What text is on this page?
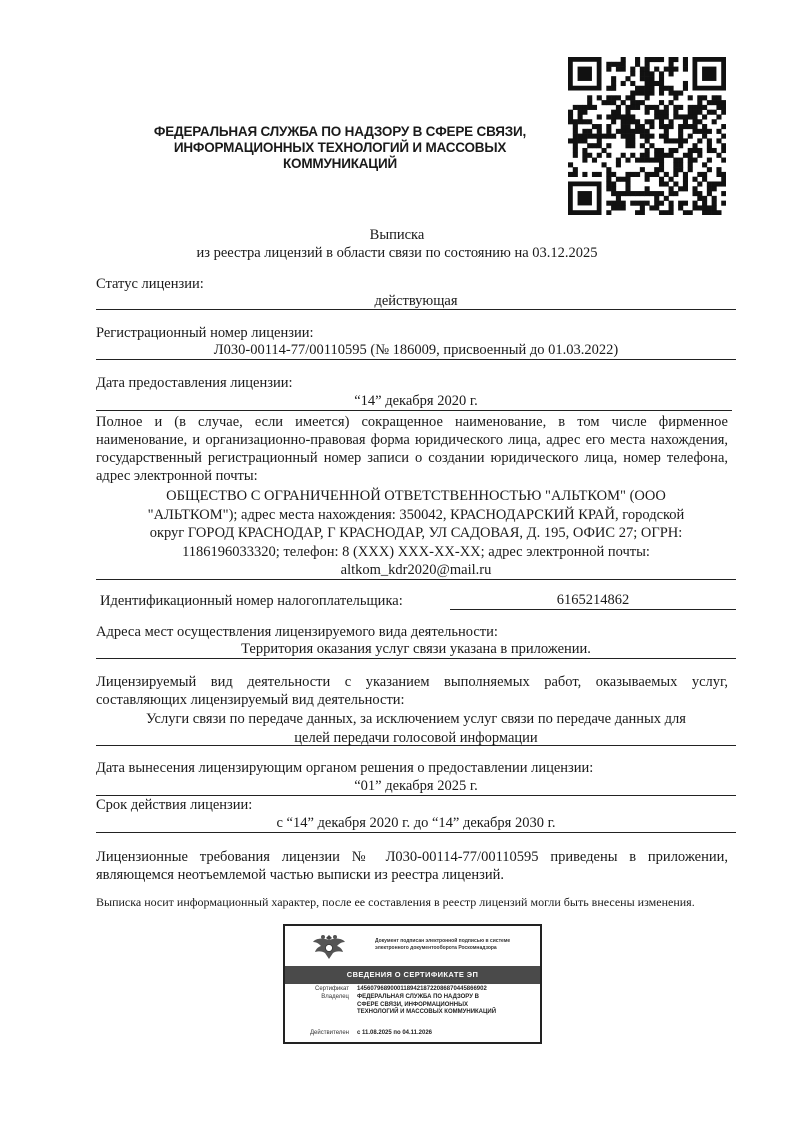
ФЕДЕРАЛЬНАЯ СЛУЖБА ПО НАДЗОРУ В СФЕРЕ СВЯЗИ,
ИНФОРМАЦИОННЫХ ТЕХНОЛОГИЙ И МАССОВЫХ
КОММУНИКАЦИЙ
Выписка
из реестра лицензий в области связи по состоянию на 03.12.2025
Статус лицензии:
действующая
Регистрационный номер лицензии:
Л030-00114-77/00110595 (№ 186009, присвоенный до 01.03.2022)
Дата предоставления лицензии:
“14” декабря 2020 г.
Полное и (в случае, если имеется) сокращенное наименование, в том числе фирменное наименование, и организационно-правовая форма юридического лица, адрес его места нахождения, государственный регистрационный номер записи о создании юридического лица, номер телефона, адрес электронной почты:
ОБЩЕСТВО С ОГРАНИЧЕННОЙ ОТВЕТСТВЕННОСТЬЮ "АЛЬТКОМ" (ООО
"АЛЬТКОМ"); адрес места нахождения: 350042, КРАСНОДАРСКИЙ КРАЙ, городской
округ ГОРОД КРАСНОДАР, Г КРАСНОДАР, УЛ САДОВАЯ, Д. 195, ОФИС 27; ОГРН:
1186196033320; телефон: 8 (XXX) XXX-XX-XX; адрес электронной почты:
altkom_kdr2020@mail.ru
Идентификационный номер налогоплательщика:	6165214862
Адреса мест осуществления лицензируемого вида деятельности:
Территория оказания услуг связи указана в приложении.
Лицензируемый вид деятельности с указанием выполняемых работ, оказываемых услуг, составляющих лицензируемый вид деятельности:
Услуги связи по передаче данных, за исключением услуг связи по передаче данных для
целей передачи голосовой информации
Дата вынесения лицензирующим органом решения о предоставлении лицензии:
“01” декабря 2025 г.
Срок действия лицензии:
с “14” декабря 2020 г. до “14” декабря 2030 г.
Лицензионные требования лицензии № Л030-00114-77/00110595 приведены в приложении, являющемся неотъемлемой частью выписки из реестра лицензий.
Выписка носит информационный характер, после ее составления в реестр лицензий могли быть внесены изменения.
Документ подписан электронной подписью в системе электронного документооборота Роскомнадзора
СВЕДЕНИЯ О СЕРТИФИКАТЕ ЭП
Сертификат 145607968900011894218722086870445866902
Владелец ФЕДЕРАЛЬНАЯ СЛУЖБА ПО НАДЗОРУ В СФЕРЕ СВЯЗИ, ИНФОРМАЦИОННЫХ ТЕХНОЛОГИЙ И МАССОВЫХ КОММУНИКАЦИЙ
Действителен с 11.08.2025 по 04.11.2026
